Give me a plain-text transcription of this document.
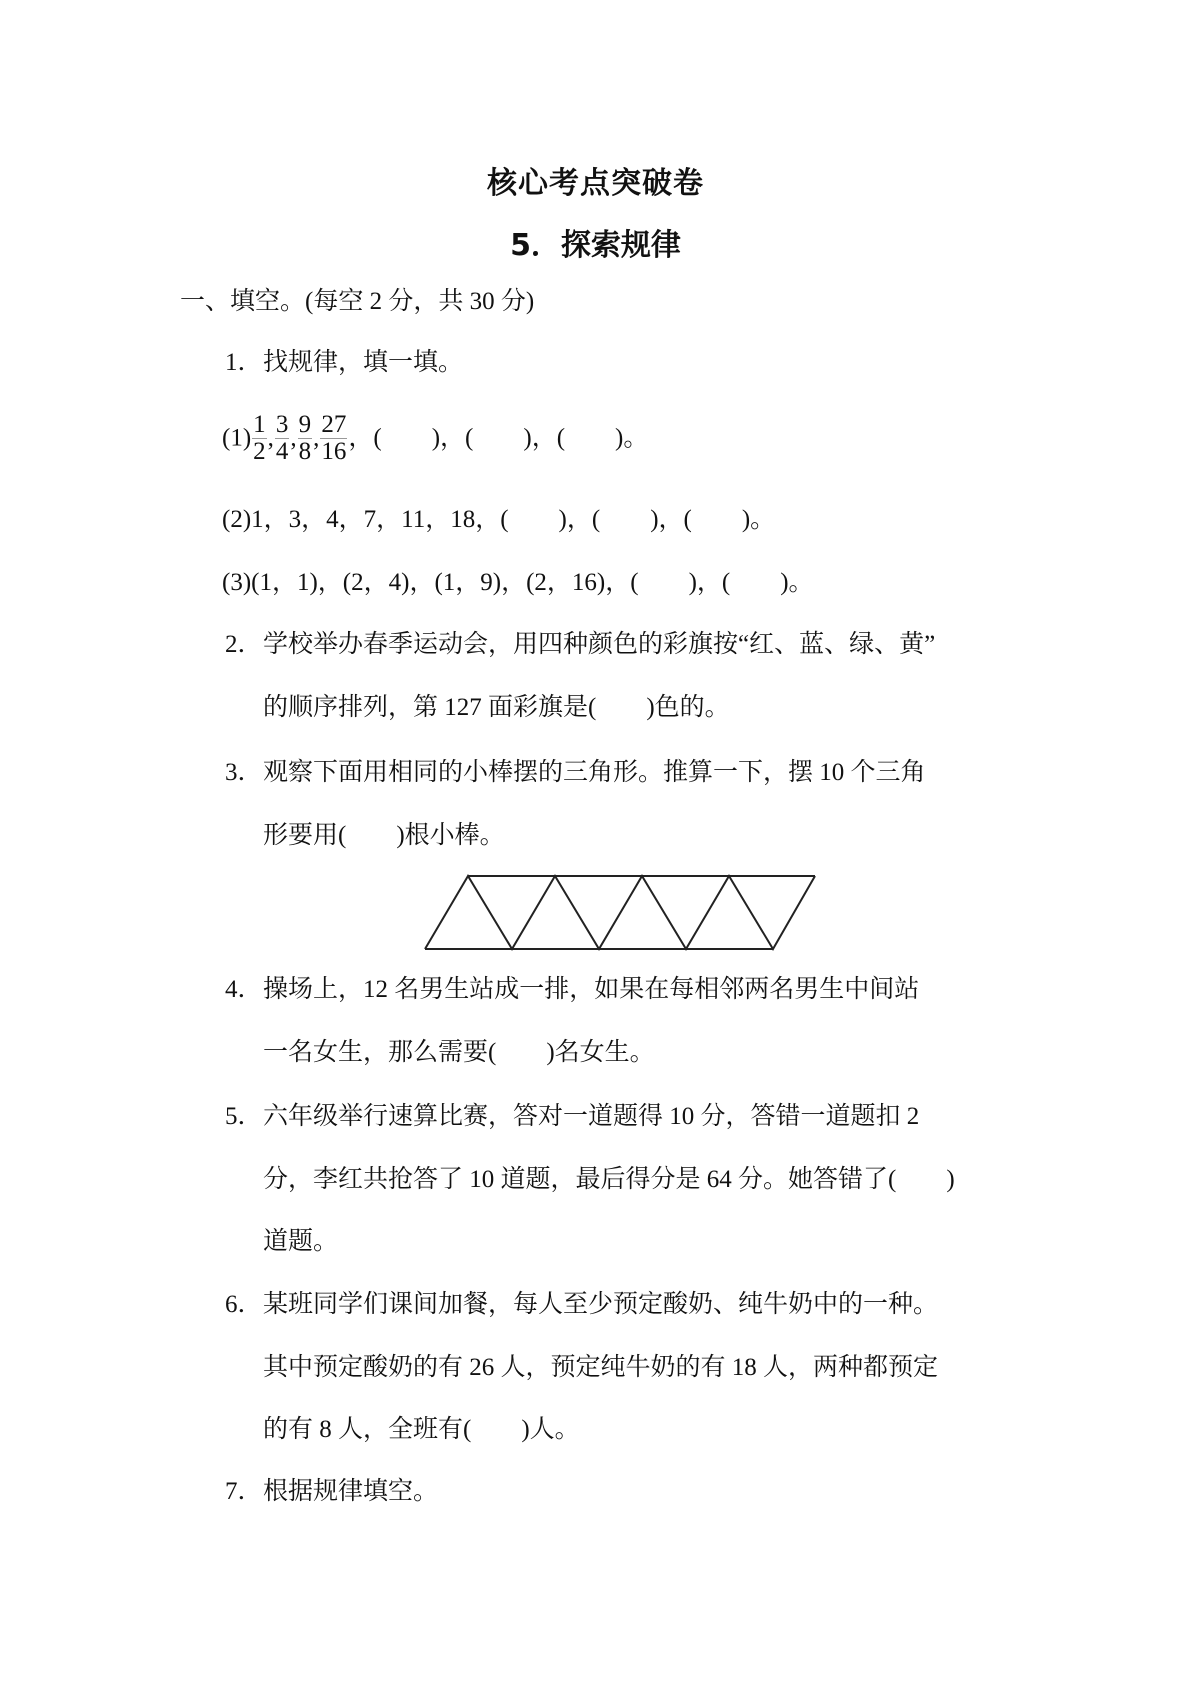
核心考点突破卷
5．探索规律
一、填空。(每空 2 分，共 30 分)
1．找规律，填一填。
$(1) \frac{1}{2}$ , $\frac{3}{4}$ , $\frac{9}{8}$ , $\frac{27}{16}$ ，(　　)，(　　)，(　　)。
(2)1，3，4，7，11，18，(　　)，(　　)，(　　)。
(3)(1，1)，(2，4)，(1，9)，(2，16)，(　　)，(　　)。
2．学校举办春季运动会，用四种颜色的彩旗按“红、蓝、绿、黄”
的顺序排列，第 127 面彩旗是(　　)色的。
3．观察下面用相同的小棒摆的三角形。推算一下，摆 10 个三角
形要用(　　)根小棒。
4．操场上，12 名男生站成一排，如果在每相邻两名男生中间站
一名女生，那么需要(　　)名女生。
5．六年级举行速算比赛，答对一道题得 10 分，答错一道题扣 2
分，李红共抢答了 10 道题，最后得分是 64 分。她答错了(　　)
道题。
6．某班同学们课间加餐，每人至少预定酸奶、纯牛奶中的一种。
其中预定酸奶的有 26 人，预定纯牛奶的有 18 人，两种都预定
的有 8 人，全班有(　　)人。
7．根据规律填空。
